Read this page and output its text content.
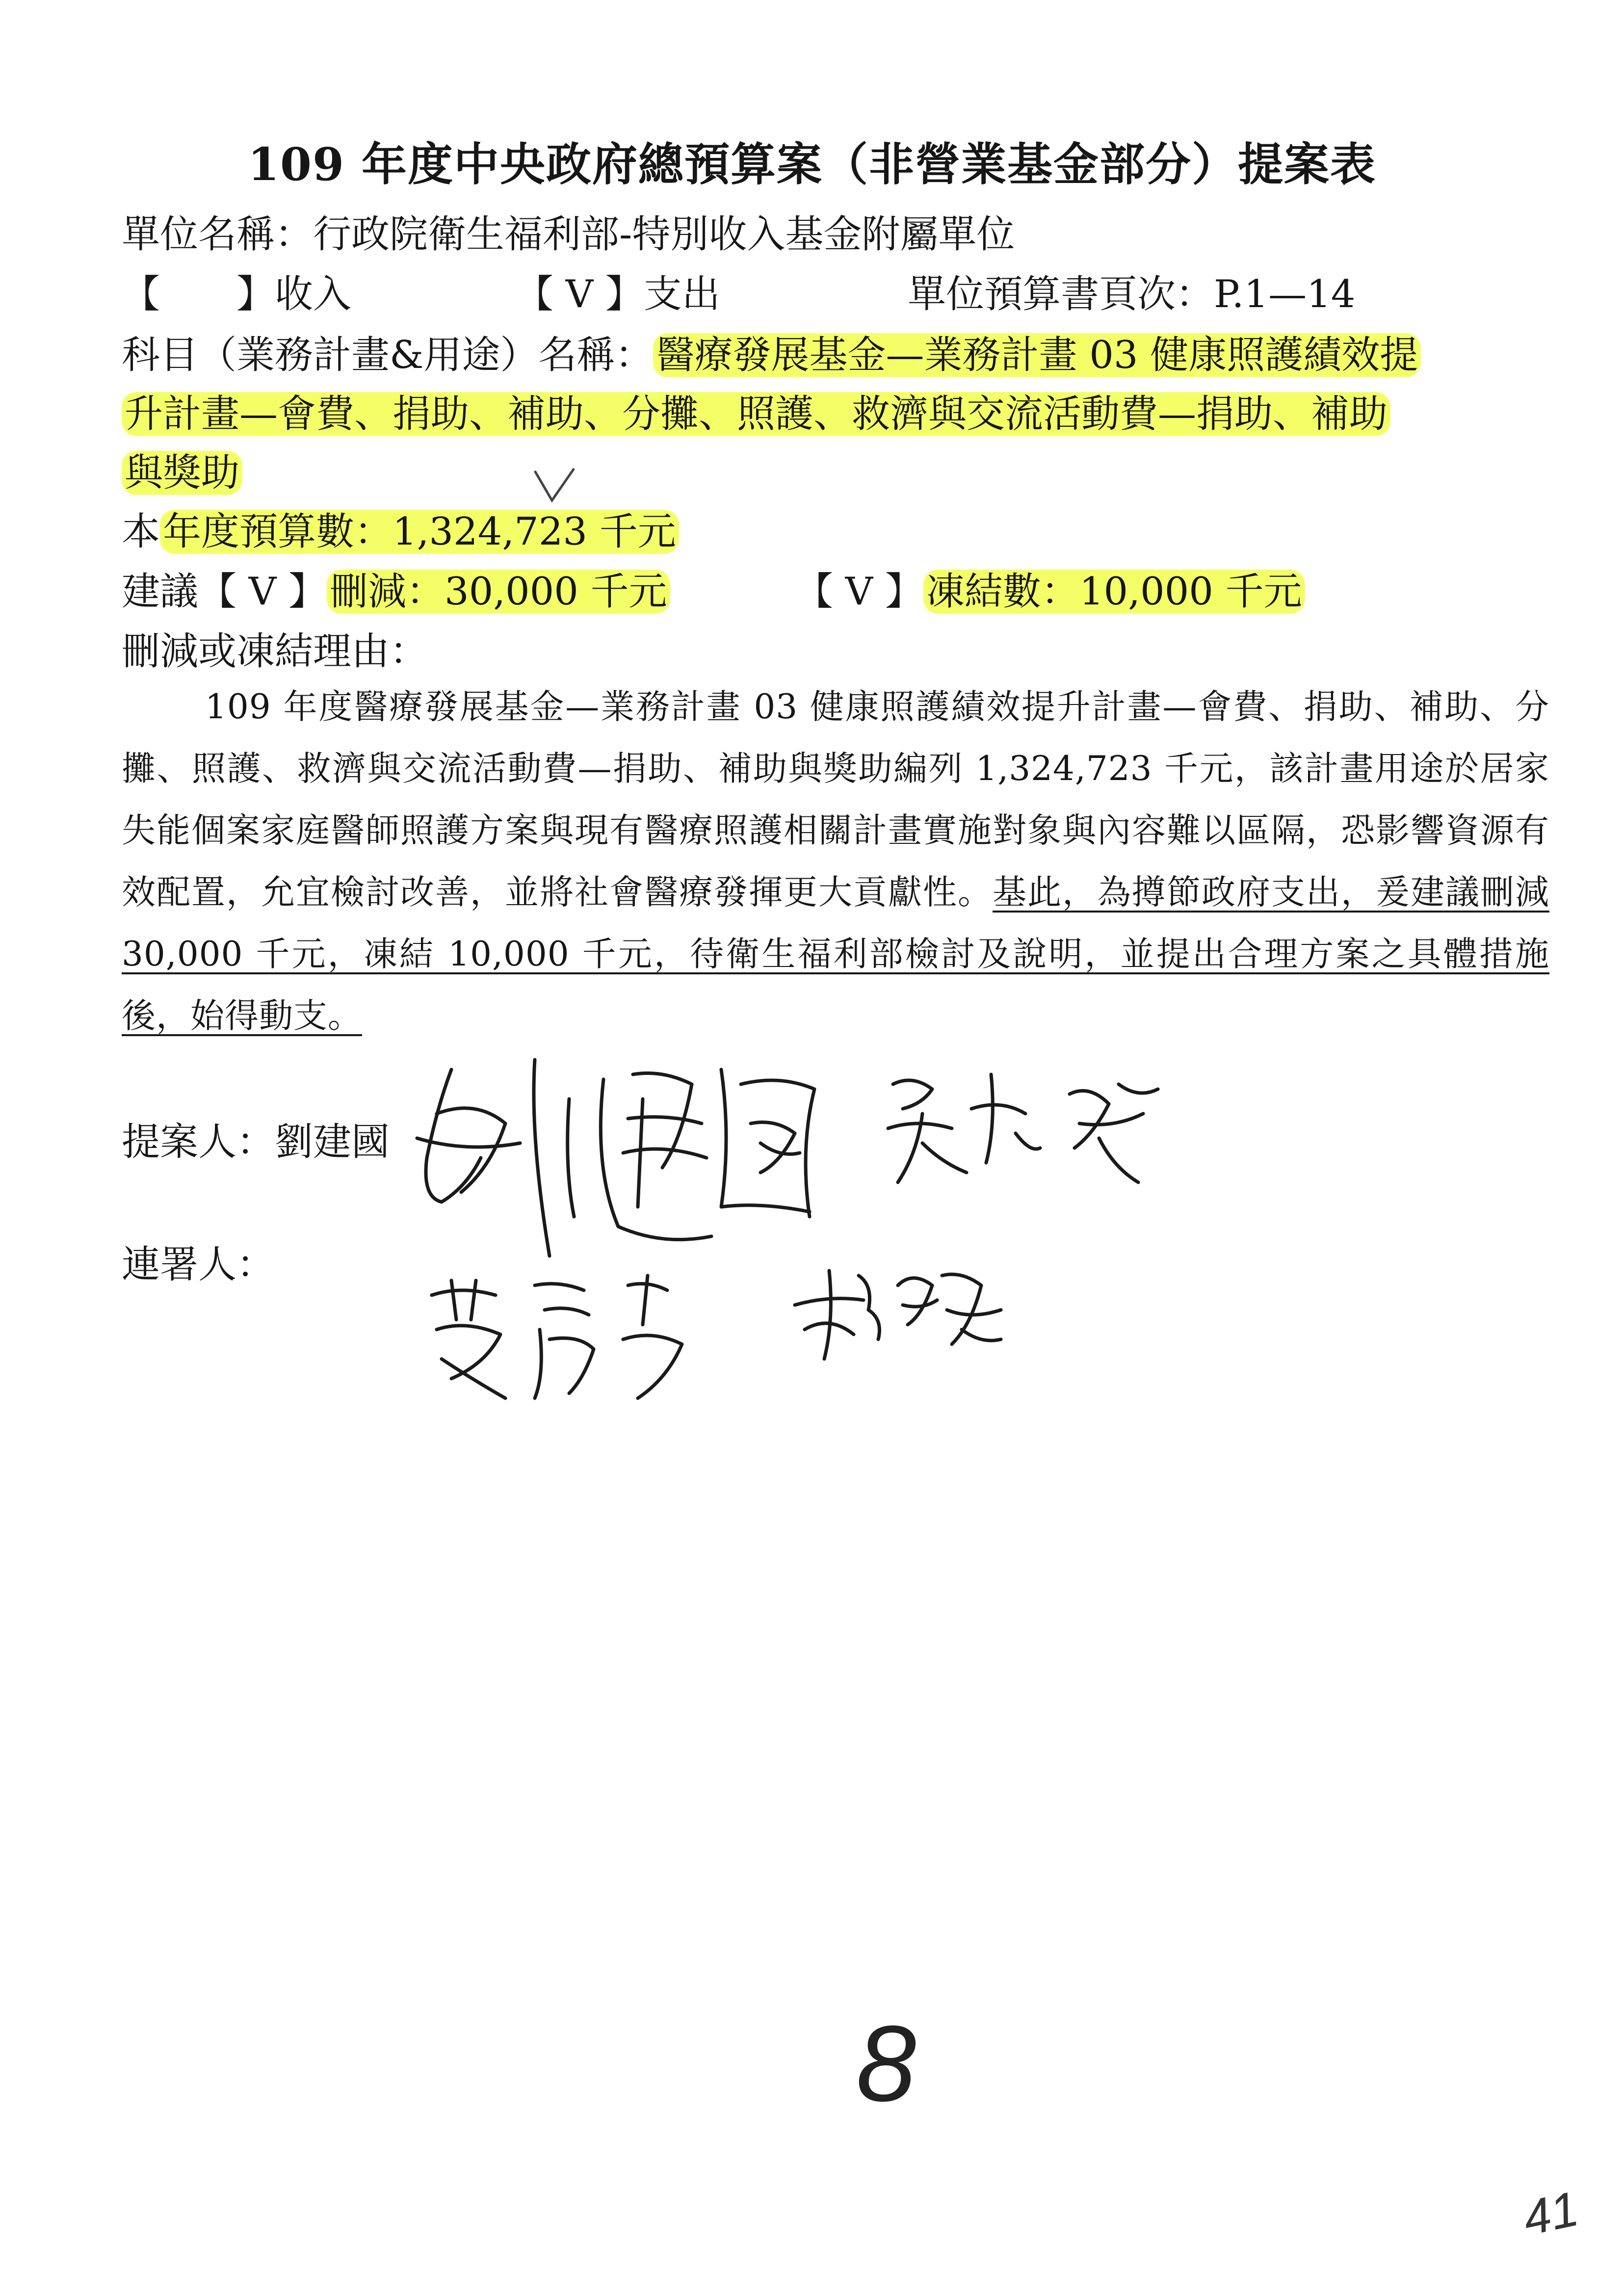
109 年度中央政府總預算案（非營業基金部分）提案表
單位名稱：行政院衛生福利部-特別收入基金附屬單位
【　　】收入	【 V 】支出	單位預算書頁次：P.1—14
科目（業務計畫&用途）名稱：醫療發展基金—業務計畫 03 健康照護績效提
升計畫—會費、捐助、補助、分攤、照護、救濟與交流活動費—捐助、補助
與獎助
本年度預算數：1,324,723 千元
建議【 V 】刪減：30,000 千元	【 V 】凍結數：10,000 千元
刪減或凍結理由：

109 年度醫療發展基金—業務計畫 03 健康照護績效提升計畫—會費、捐助、補助、分攤、照護、救濟與交流活動費—捐助、補助與獎助編列 1,324,723 千元，該計畫用途於居家失能個案家庭醫師照護方案與現有醫療照護相關計畫實施對象與內容難以區隔，恐影響資源有效配置，允宜檢討改善，並將社會醫療發揮更大貢獻性。基此，為撙節政府支出，爰建議刪減 30,000 千元，凍結 10,000 千元，待衛生福利部檢討及說明，並提出合理方案之具體措施後，始得動支。

提案人：劉建國
連署人：
8
41
